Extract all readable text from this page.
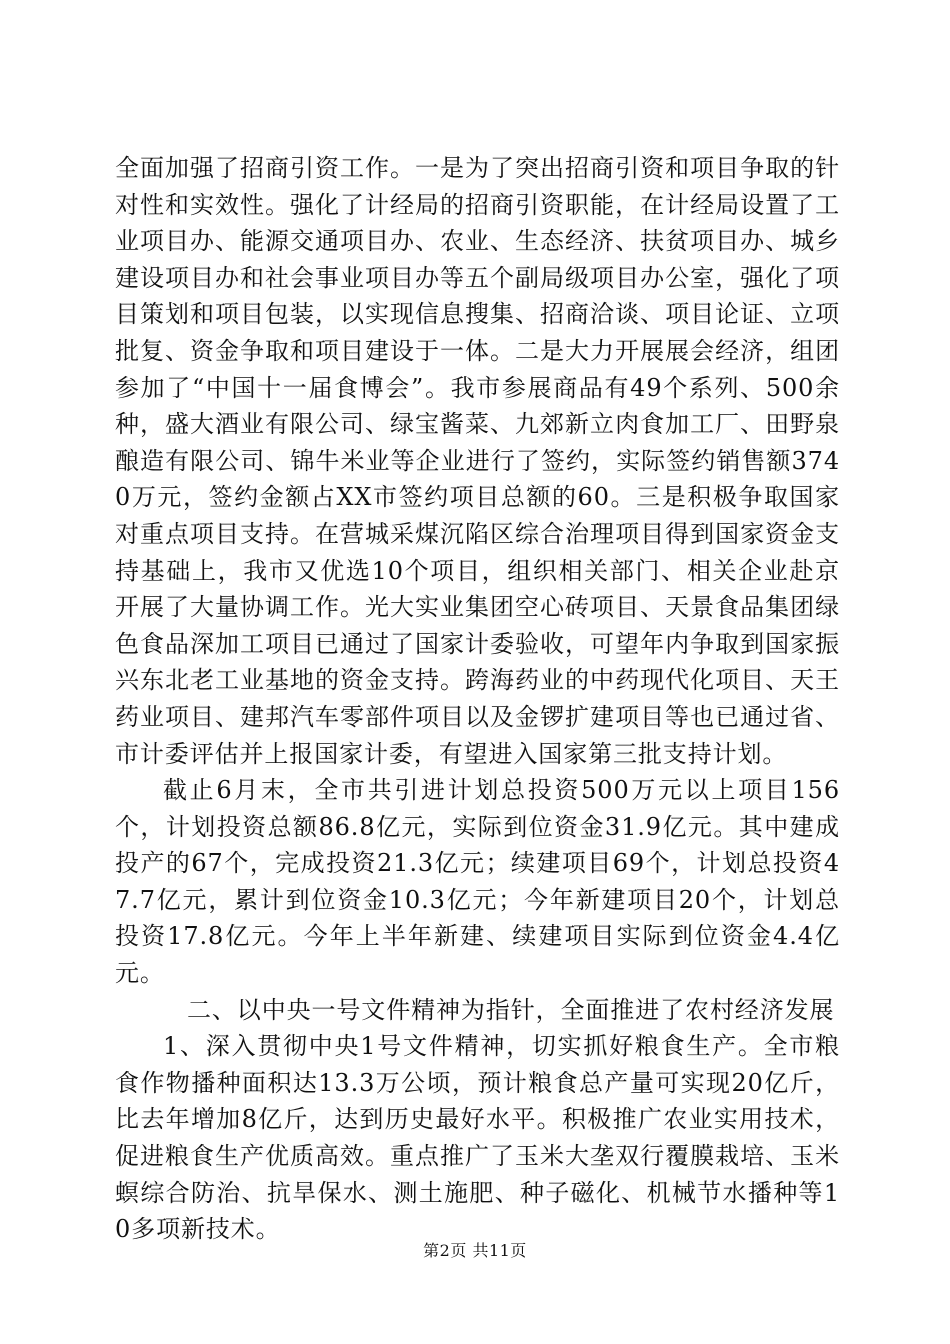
全面加强了招商引资工作。一是为了突出招商引资和项目争取的针对性和实效性。强化了计经局的招商引资职能，在计经局设置了工业项目办、能源交通项目办、农业、生态经济、扶贫项目办、城乡建设项目办和社会事业项目办等五个副局级项目办公室，强化了项目策划和项目包装，以实现信息搜集、招商洽谈、项目论证、立项批复、资金争取和项目建设于一体。二是大力开展展会经济，组团参加了“中国十一届食博会”。我市参展商品有49个系列、500余种，盛大酒业有限公司、绿宝酱菜、九郊新立肉食加工厂、田野泉酿造有限公司、锦牛米业等企业进行了签约，实际签约销售额3740万元，签约金额占XX市签约项目总额的60。三是积极争取国家对重点项目支持。在营城采煤沉陷区综合治理项目得到国家资金支持基础上，我市又优选10个项目，组织相关部门、相关企业赴京开展了大量协调工作。光大实业集团空心砖项目、天景食品集团绿色食品深加工项目已通过了国家计委验收，可望年内争取到国家振兴东北老工业基地的资金支持。跨海药业的中药现代化项目、天王药业项目、建邦汽车零部件项目以及金锣扩建项目等也已通过省、市计委评估并上报国家计委，有望进入国家第三批支持计划。

截止6月末，全市共引进计划总投资500万元以上项目156个，计划投资总额86.8亿元，实际到位资金31.9亿元。其中建成投产的67个，完成投资21.3亿元；续建项目69个，计划总投资47.7亿元，累计到位资金10.3亿元；今年新建项目20个，计划总投资17.8亿元。今年上半年新建、续建项目实际到位资金4.4亿元。

二、以中央一号文件精神为指针，全面推进了农村经济发展

1、深入贯彻中央1号文件精神，切实抓好粮食生产。全市粮食作物播种面积达13.3万公顷，预计粮食总产量可实现20亿斤，比去年增加8亿斤，达到历史最好水平。积极推广农业实用技术，促进粮食生产优质高效。重点推广了玉米大垄双行覆膜栽培、玉米螟综合防治、抗旱保水、测土施肥、种子磁化、机械节水播种等10多项新技术。

第2页 共11页
